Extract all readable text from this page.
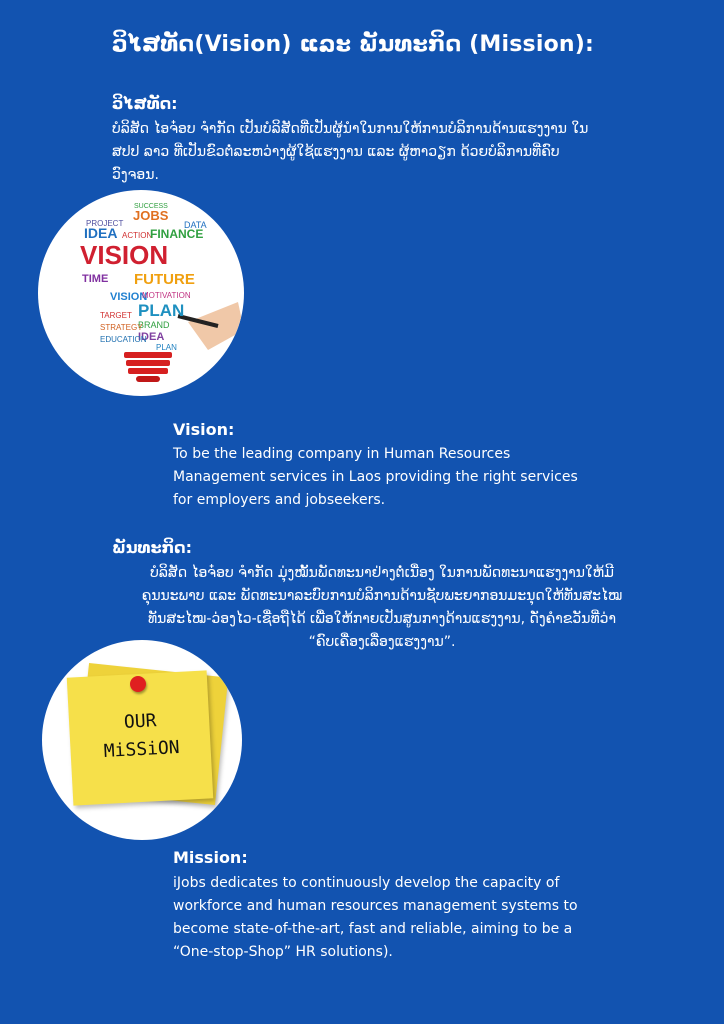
ວິໄສທັດ(Vision) ແລະ ພັນທະກິດ (Mission):
ວິໄສທັດ:
ບໍລິສັດ ໄອຈ໋ອບ ຈຳກັດ ເປັນບໍລິສັດທີ່ເປັນຜູ້ນຳໃນການໃຫ້ການບໍລິການດ້ານແຮງງານ ໃນ
ສປປ ລາວ ທີ່ເປັນຂົວຕໍ່ລະຫວ່າງຜູ້ໃຊ້ແຮງງານ ແລະ ຜູ້ຫາວຽກ ດ້ວຍບໍລິການທີ່ຄົບ
ວົງຈອນ.
JOBS
IDEA ACTION
FINANCE
VISION
TIME FUTURE
VISION
MOTIVATION
PLAN
BRAND
IDEA
STRATEGY
EDUCATION
TARGET
PLAN
PROJECT	DATA
SUCCESS
Vision:
To be the leading company in Human Resources
Management services in Laos providing the right services
for employers and jobseekers.
ພັນທະກິດ:
ບໍລິສັດ ໄອຈ໋ອບ ຈຳກັດ ມຸ່ງໝັ້ນພັດທະນາຢ່າງຕໍ່ເນື່ອງ ໃນການພັດທະນາແຮງງານໃຫ້ມີ
ຄຸນນະພາບ ແລະ ພັດທະນາລະບົບການບໍລິການດ້ານຊັບພະຍາກອນມະນຸດໃຫ້ທັນສະໄໝ
ທັນສະໄໝ-ວ່ອງໄວ-ເຊື່ອຖືໄດ້ ເພື່ອໃຫ້ກາຍເປັນສູນກາງດ້ານແຮງງານ, ດັ່ງຄຳຂວັນທີ່ວ່າ
“ຄົບເຄື່ອງເລື່ອງແຮງງານ”.
OUR
MiSSiON
Mission:
iJobs dedicates to continuously develop the capacity of
workforce and human resources management systems to
become state-of-the-art, fast and reliable, aiming to be a
“One-stop-Shop” HR solutions).
